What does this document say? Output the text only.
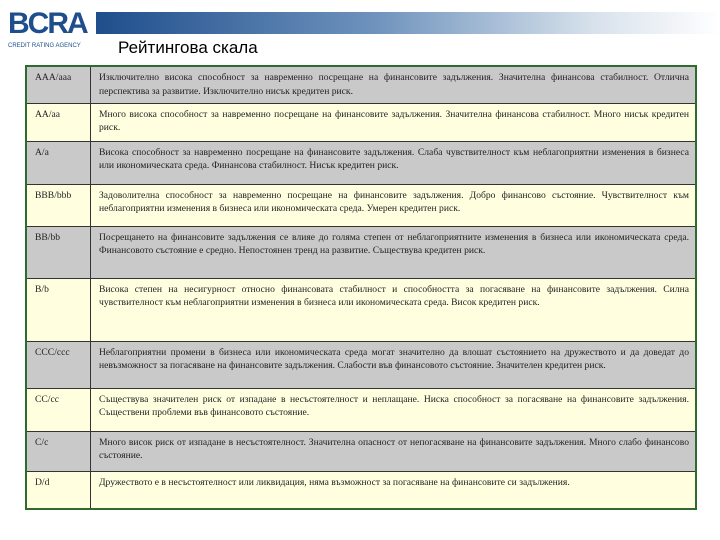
BCRA
CREDIT RATING AGENCY	Рейтингова скала
AAA/aaa	Изключително висока способност за навременно посрещане на финансовите задължения. Значителна финансова стабилност. Отлична перспектива за развитие. Изключително нисък кредитен риск.
AA/aa	Много висока способност за навременно посрещане на финансовите задължения. Значителна финансова стабилност. Много нисък кредитен риск.
A/a	Висока способност за навременно посрещане на финансовите задължения. Слаба чувствителност към неблагоприятни изменения в бизнеса или икономическата среда. Финансова стабилност. Нисък кредитен риск.
BBB/bbb	Задоволителна способност за навременно посрещане на финансовите задължения. Добро финансово състояние. Чувствителност към неблагоприятни изменения в бизнеса или икономическата среда. Умерен кредитен риск.
BB/bb	Посрещането на финансовите задължения се влияе до голяма степен от неблагоприятните изменения в бизнеса или икономическата среда. Финансовото състояние е средно. Непостоянен тренд на развитие. Съществува кредитен риск.
B/b	Висока степен на несигурност относно финансовата стабилност и способността за погасяване на финансовите задължения. Силна чувствителност към неблагоприятни изменения в бизнеса или икономическата среда. Висок кредитен риск.
CCC/ccc	Неблагоприятни промени в бизнеса или икономическата среда могат значително да влошат състоянието на дружеството и да доведат до невъзможност за погасяване на финансовите задължения. Слабости във финансовото състояние. Значителен кредитен риск.
CC/cc	Съществува значителен риск от изпадане в несъстоятелност и неплащане. Ниска способност за погасяване на финансовите задължения. Съществени проблеми във финансовото състояние.
C/c	Много висок риск от изпадане в несъстоятелност. Значителна опасност от непогасяване на финансовите задължения. Много слабо финансово състояние.
D/d	Дружеството е в несъстоятелност или ликвидация, няма възможност за погасяване на финансовите си задължения.
